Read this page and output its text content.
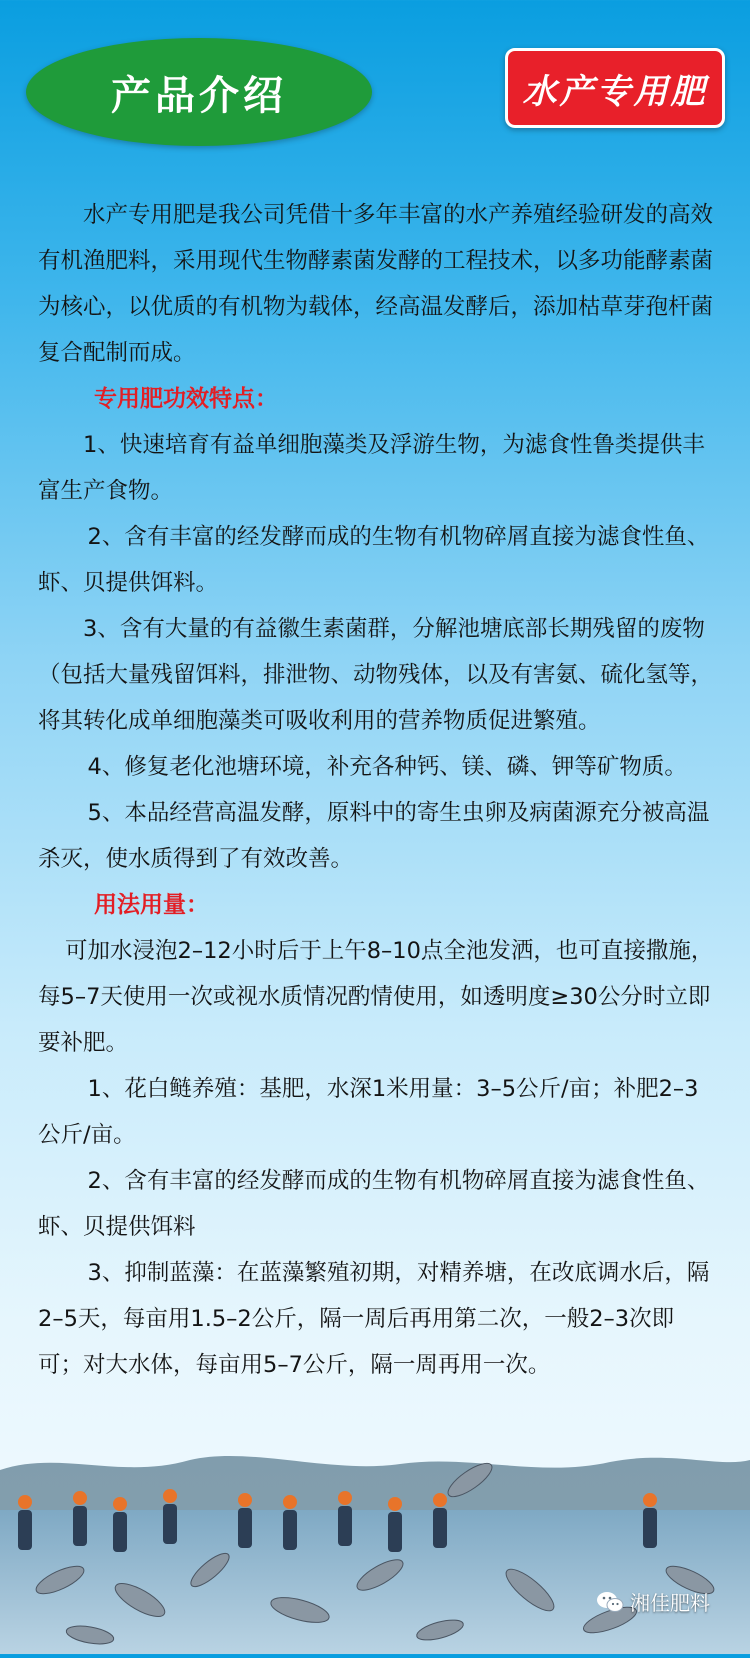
产品介绍	水产专用肥

水产专用肥是我公司凭借十多年丰富的水产养殖经验研发的高效有机渔肥料，采用现代生物酵素菌发酵的工程技术，以多功能酵素菌为核心，以优质的有机物为载体，经高温发酵后，添加枯草芽孢杆菌复合配制而成。

专用肥功效特点：

1、快速培育有益单细胞藻类及浮游生物，为滤食性鲁类提供丰富生产食物。

2、含有丰富的经发酵而成的生物有机物碎屑直接为滤食性鱼、虾、贝提供饵料。

3、含有大量的有益徽生素菌群，分解池塘底部长期残留的废物（包括大量残留饵料，排泄物、动物残体，以及有害氨、硫化氢等，将其转化成单细胞藻类可吸收利用的营养物质促进繁殖。

4、修复老化池塘环境，补充各种钙、镁、磷、钾等矿物质。

5、本品经营高温发酵，原料中的寄生虫卵及病菌源充分被高温杀灭，使水质得到了有效改善。

用法用量：

可加水浸泡2–12小时后于上午8–10点全池发洒，也可直接撒施，每5–7天使用一次或视水质情况酌情使用，如透明度≥30公分时立即要补肥。

1、花白鲢养殖：基肥，水深1米用量：3–5公斤/亩；补肥2–3公斤/亩。

2、含有丰富的经发酵而成的生物有机物碎屑直接为滤食性鱼、 虾、贝提供饵料

3、抑制蓝藻：在蓝藻繁殖初期，对精养塘，在改底调水后，隔2–5天，每亩用1.5–2公斤，隔一周后再用第二次，一般2–3次即可；对大水体，每亩用5–7公斤，隔一周再用一次。

湘佳肥料
